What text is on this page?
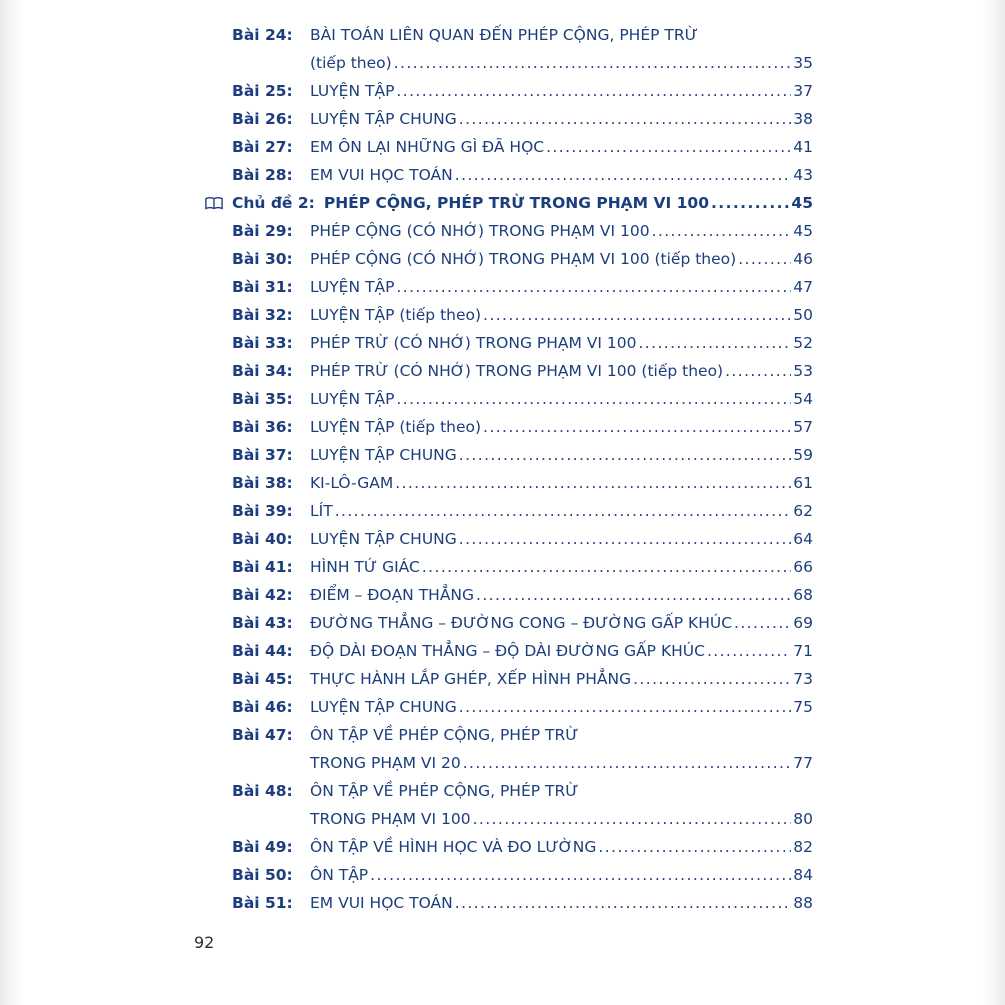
Bài 24:	BÀI TOÁN LIÊN QUAN ĐẾN PHÉP CỘNG, PHÉP TRỪ
(tiếp theo) .....	35
Bài 25:	LUYỆN TẬP .....	37
Bài 26:	LUYỆN TẬP CHUNG .....	38
Bài 27:	EM ÔN LẠI NHỮNG GÌ ĐÃ HỌC .....	41
Bài 28:	EM VUI HỌC TOÁN .....	43
Chủ đề 2: PHÉP CỘNG, PHÉP TRỪ TRONG PHẠM VI 100 .....	45
Bài 29:	PHÉP CỘNG (CÓ NHỚ) TRONG PHẠM VI 100 .....	45
Bài 30:	PHÉP CỘNG (CÓ NHỚ) TRONG PHẠM VI 100 (tiếp theo) .....	46
Bài 31:	LUYỆN TẬP .....	47
Bài 32:	LUYỆN TẬP (tiếp theo) .....	50
Bài 33:	PHÉP TRỪ (CÓ NHỚ) TRONG PHẠM VI 100 .....	52
Bài 34:	PHÉP TRỪ (CÓ NHỚ) TRONG PHẠM VI 100 (tiếp theo) .....	53
Bài 35:	LUYỆN TẬP .....	54
Bài 36:	LUYỆN TẬP (tiếp theo) .....	57
Bài 37:	LUYỆN TẬP CHUNG .....	59
Bài 38:	KI-LÔ-GAM .....	61
Bài 39:	LÍT .....	62
Bài 40:	LUYỆN TẬP CHUNG .....	64
Bài 41:	HÌNH TỨ GIÁC .....	66
Bài 42:	ĐIỂM – ĐOẠN THẲNG .....	68
Bài 43:	ĐƯỜNG THẲNG – ĐƯỜNG CONG – ĐƯỜNG GẤP KHÚC .....	69
Bài 44:	ĐỘ DÀI ĐOẠN THẲNG – ĐỘ DÀI ĐƯỜNG GẤP KHÚC .....	71
Bài 45:	THỰC HÀNH LẮP GHÉP, XẾP HÌNH PHẲNG .....	73
Bài 46:	LUYỆN TẬP CHUNG .....	75
Bài 47:	ÔN TẬP VỀ PHÉP CỘNG, PHÉP TRỪ
TRONG PHẠM VI 20 .....	77
Bài 48:	ÔN TẬP VỀ PHÉP CỘNG, PHÉP TRỪ
TRONG PHẠM VI 100 .....	80
Bài 49:	ÔN TẬP VỀ HÌNH HỌC VÀ ĐO LƯỜNG .....	82
Bài 50:	ÔN TẬP .....	84
Bài 51:	EM VUI HỌC TOÁN .....	88
92
